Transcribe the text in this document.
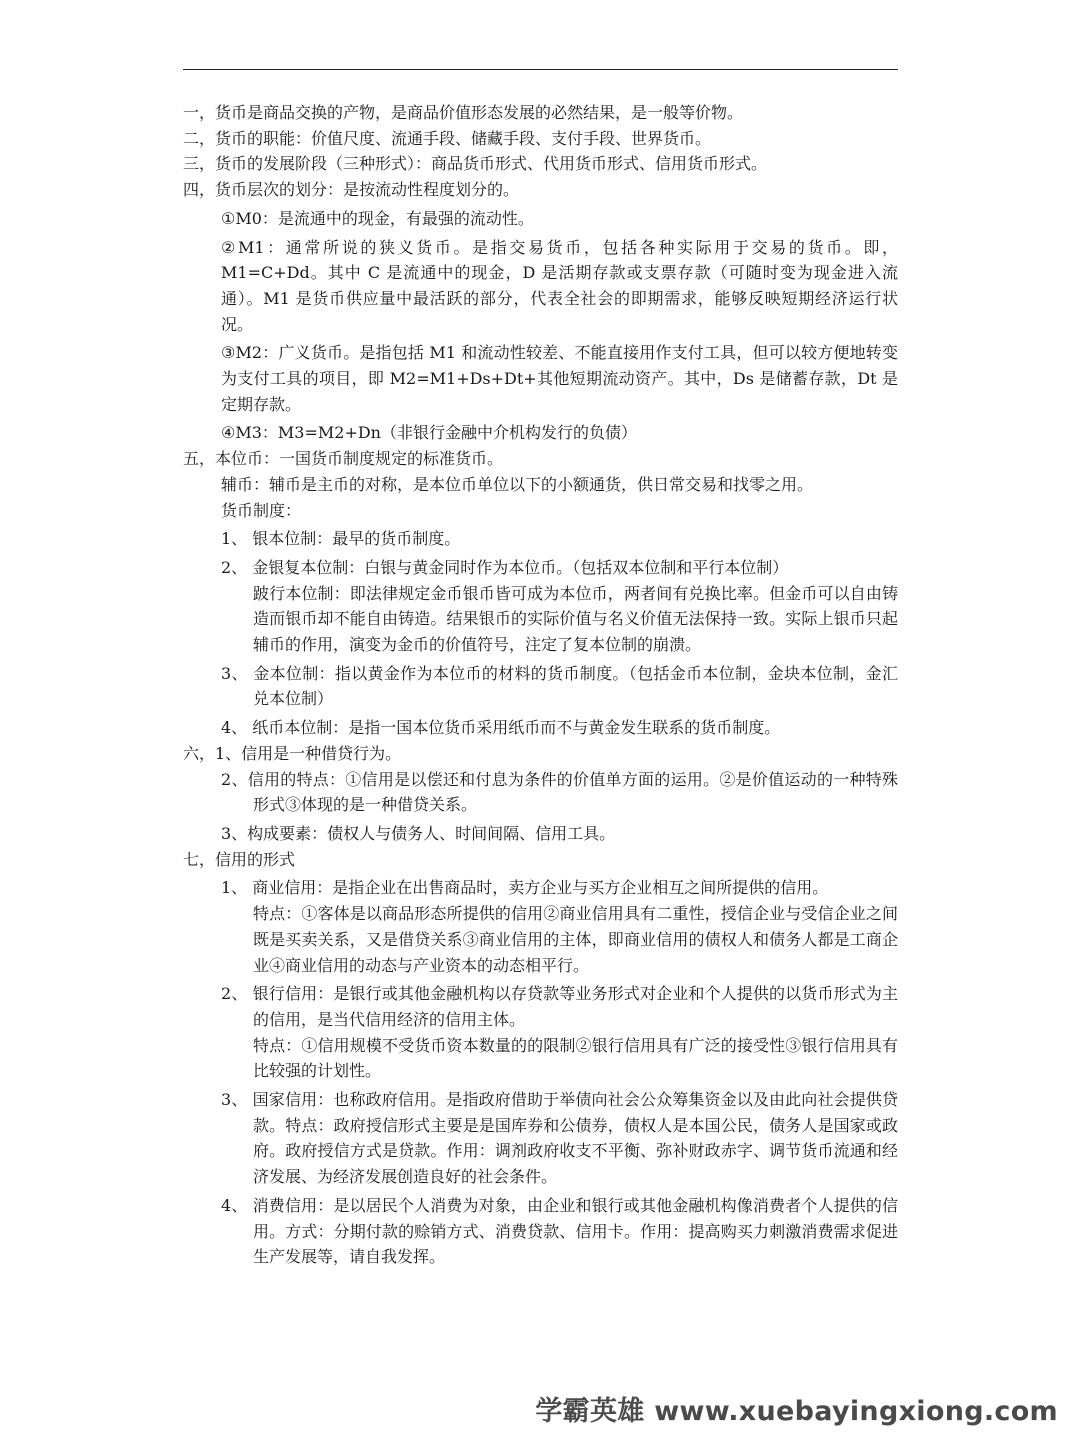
一，货币是商品交换的产物，是商品价值形态发展的必然结果，是一般等价物。

二，货币的职能：价值尺度、流通手段、储藏手段、支付手段、世界货币。

三，货币的发展阶段（三种形式）：商品货币形式、代用货币形式、信用货币形式。

四，货币层次的划分：是按流动性程度划分的。

①M0：是流通中的现金，有最强的流动性。

②M1：通常所说的狭义货币。是指交易货币，包括各种实际用于交易的货币。即，M1=C+Dd。其中 C 是流通中的现金，D 是活期存款或支票存款（可随时变为现金进入流通）。M1 是货币供应量中最活跃的部分，代表全社会的即期需求，能够反映短期经济运行状况。

③M2：广义货币。是指包括 M1 和流动性较差、不能直接用作支付工具，但可以较方便地转变为支付工具的项目，即 M2=M1+Ds+Dt+其他短期流动资产。其中，Ds 是储蓄存款，Dt 是定期存款。

④M3：M3=M2+Dn（非银行金融中介机构发行的负债）

五，本位币：一国货币制度规定的标准货币。

辅币：辅币是主币的对称，是本位币单位以下的小额通货，供日常交易和找零之用。

货币制度：

1、 银本位制：最早的货币制度。

2、 金银复本位制：白银与黄金同时作为本位币。（包括双本位制和平行本位制）

跛行本位制：即法律规定金币银币皆可成为本位币，两者间有兑换比率。但金币可以自由铸造而银币却不能自由铸造。结果银币的实际价值与名义价值无法保持一致。实际上银币只起辅币的作用，演变为金币的价值符号，注定了复本位制的崩溃。

3、 金本位制：指以黄金作为本位币的材料的货币制度。（包括金币本位制，金块本位制，金汇兑本位制）

4、 纸币本位制：是指一国本位货币采用纸币而不与黄金发生联系的货币制度。

六，1、信用是一种借贷行为。

2、信用的特点：①信用是以偿还和付息为条件的价值单方面的运用。②是价值运动的一种特殊形式③体现的是一种借贷关系。

3、构成要素：债权人与债务人、时间间隔、信用工具。

七，信用的形式

1、 商业信用：是指企业在出售商品时，卖方企业与买方企业相互之间所提供的信用。

特点：①客体是以商品形态所提供的信用②商业信用具有二重性，授信企业与受信企业之间既是买卖关系，又是借贷关系③商业信用的主体，即商业信用的债权人和债务人都是工商企业④商业信用的动态与产业资本的动态相平行。

2、 银行信用：是银行或其他金融机构以存贷款等业务形式对企业和个人提供的以货币形式为主的信用，是当代信用经济的信用主体。

特点：①信用规模不受货币资本数量的的限制②银行信用具有广泛的接受性③银行信用具有比较强的计划性。

3、 国家信用：也称政府信用。是指政府借助于举债向社会公众筹集资金以及由此向社会提供贷款。特点：政府授信形式主要是是国库券和公债券，债权人是本国公民，债务人是国家或政府。政府授信方式是贷款。作用：调剂政府收支不平衡、弥补财政赤字、调节货币流通和经济发展、为经济发展创造良好的社会条件。

4、 消费信用：是以居民个人消费为对象，由企业和银行或其他金融机构像消费者个人提供的信用。方式：分期付款的赊销方式、消费贷款、信用卡。作用：提高购买力刺激消费需求促进生产发展等，请自我发挥。

学霸英雄 www.xuebayingxiong.com
